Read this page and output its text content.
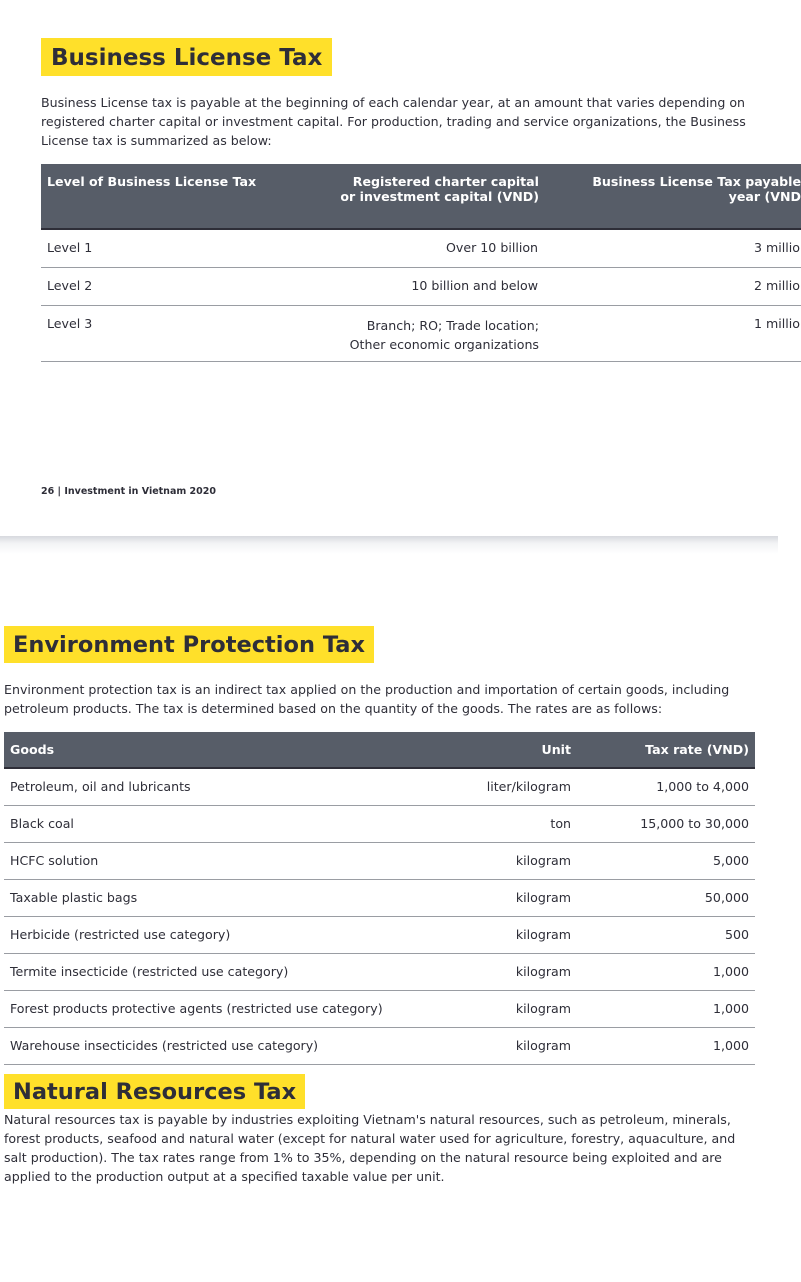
Business License Tax
Business License tax is payable at the beginning of each calendar year, at an amount that varies depending on registered charter capital or investment capital. For production, trading and service organizations, the Business License tax is summarized as below:
Level of Business License Tax	Registered charter capital or investment capital (VND)	Business License Tax payable year (VND
Level 1	Over 10 billion	3 millio
Level 2	10 billion and below	2 millio
Level 3	Branch; RO; Trade location; Other economic organizations	1 millio
26 | Investment in Vietnam 2020
Environment Protection Tax
Environment protection tax is an indirect tax applied on the production and importation of certain goods, including petroleum products. The tax is determined based on the quantity of the goods. The rates are as follows:
Goods	Unit	Tax rate (VND)
Petroleum, oil and lubricants	liter/kilogram	1,000 to 4,000
Black coal	ton	15,000 to 30,000
HCFC solution	kilogram	5,000
Taxable plastic bags	kilogram	50,000
Herbicide (restricted use category)	kilogram	500
Termite insecticide (restricted use category)	kilogram	1,000
Forest products protective agents (restricted use category)	kilogram	1,000
Warehouse insecticides (restricted use category)	kilogram	1,000
Natural Resources Tax
Natural resources tax is payable by industries exploiting Vietnam's natural resources, such as petroleum, minerals, forest products, seafood and natural water (except for natural water used for agriculture, forestry, aquaculture, and salt production). The tax rates range from 1% to 35%, depending on the natural resource being exploited and are applied to the production output at a specified taxable value per unit.
